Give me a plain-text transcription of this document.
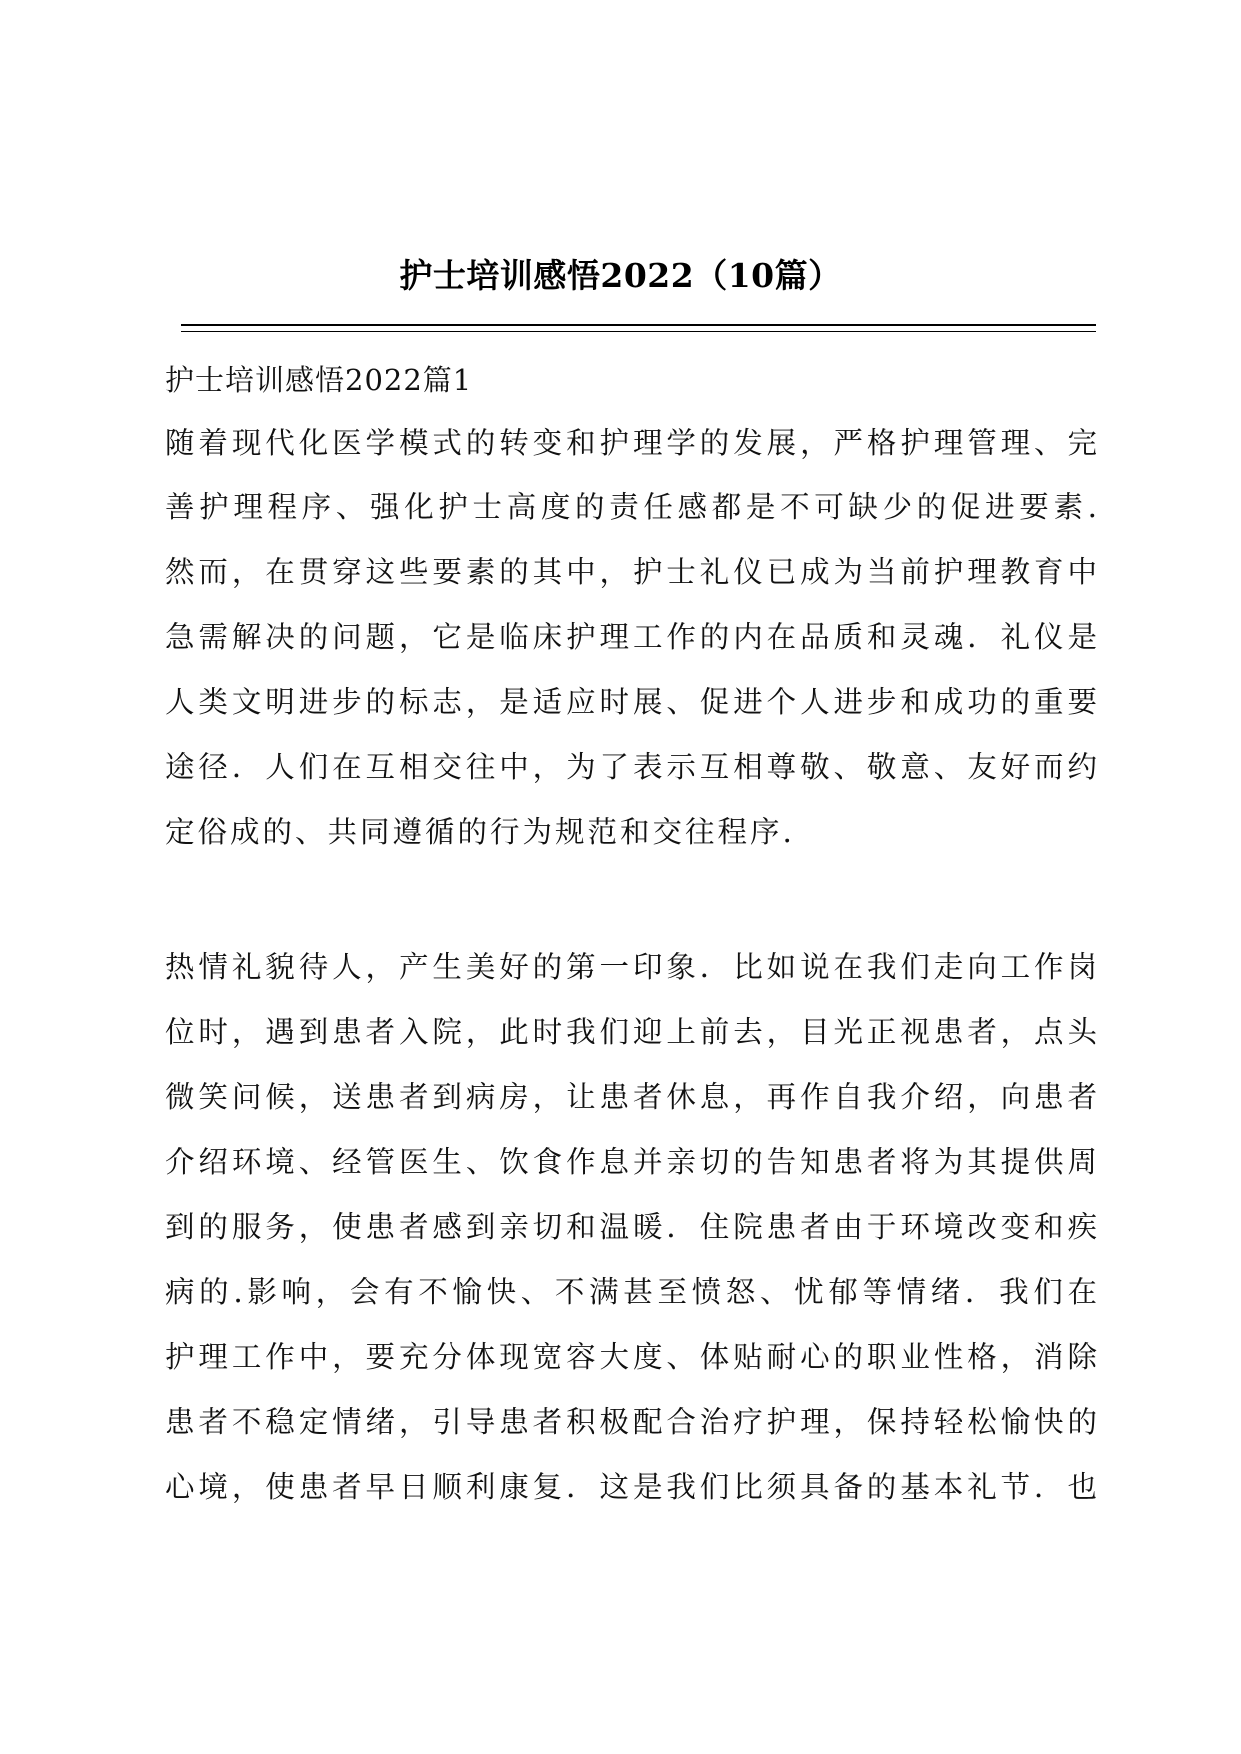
护士培训感悟2022（10篇）
护士培训感悟2022篇1
随着现代化医学模式的转变和护理学的发展，严格护理管理、完
善护理程序、强化护士高度的责任感都是不可缺少的促进要素.
然而，在贯穿这些要素的其中，护士礼仪已成为当前护理教育中
急需解决的问题，它是临床护理工作的内在品质和灵魂．礼仪是
人类文明进步的标志，是适应时展、促进个人进步和成功的重要
途径．人们在互相交往中，为了表示互相尊敬、敬意、友好而约
定俗成的、共同遵循的行为规范和交往程序.
热情礼貌待人，产生美好的第一印象．比如说在我们走向工作岗
位时，遇到患者入院，此时我们迎上前去，目光正视患者，点头
微笑问候，送患者到病房，让患者休息，再作自我介绍，向患者
介绍环境、经管医生、饮食作息并亲切的告知患者将为其提供周
到的服务，使患者感到亲切和温暖．住院患者由于环境改变和疾
病的.影响，会有不愉快、不满甚至愤怒、忧郁等情绪．我们在
护理工作中，要充分体现宽容大度、体贴耐心的职业性格，消除
患者不稳定情绪，引导患者积极配合治疗护理，保持轻松愉快的
心境，使患者早日顺利康复．这是我们比须具备的基本礼节．也
